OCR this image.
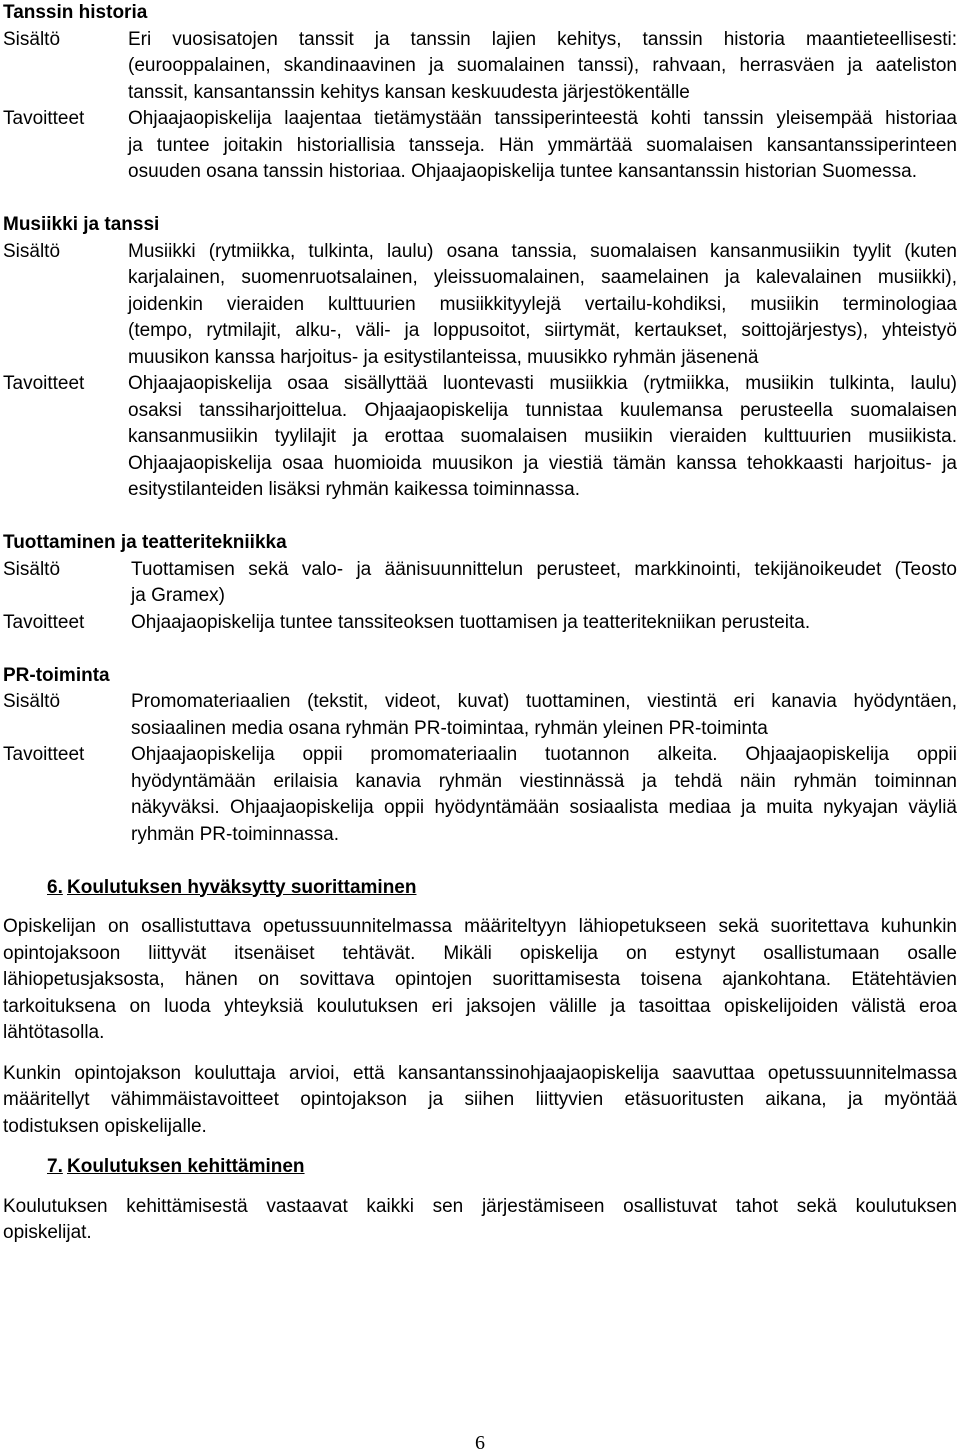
Tanssin historia
Sisältö	Eri vuosisatojen tanssit ja tanssin lajien kehitys, tanssin historia maantieteellisesti:
(eurooppalainen, skandinaavinen ja suomalainen tanssi), rahvaan, herrasväen ja aateliston
tanssit, kansantanssin kehitys kansan keskuudesta järjestökentälle
Tavoitteet	Ohjaajaopiskelija laajentaa tietämystään tanssiperinteestä kohti tanssin yleisempää historiaa
ja tuntee joitakin historiallisia tansseja. Hän ymmärtää suomalaisen kansantanssiperinteen
osuuden osana tanssin historiaa. Ohjaajaopiskelija tuntee kansantanssin historian Suomessa.
Musiikki ja tanssi
Sisältö	Musiikki (rytmiikka, tulkinta, laulu) osana tanssia, suomalaisen kansanmusiikin tyylit (kuten
karjalainen, suomenruotsalainen, yleissuomalainen, saamelainen ja kalevalainen musiikki),
joidenkin vieraiden kulttuurien musiikkityylejä vertailu-kohdiksi, musiikin terminologiaa
(tempo, rytmilajit, alku-, väli- ja loppusoitot, siirtymät, kertaukset, soittojärjestys), yhteistyö
muusikon kanssa harjoitus- ja esitystilanteissa, muusikko ryhmän jäsenenä
Tavoitteet	Ohjaajaopiskelija osaa sisällyttää luontevasti musiikkia (rytmiikka, musiikin tulkinta, laulu)
osaksi tanssiharjoittelua. Ohjaajaopiskelija tunnistaa kuulemansa perusteella suomalaisen
kansanmusiikin tyylilajit ja erottaa suomalaisen musiikin vieraiden kulttuurien musiikista.
Ohjaajaopiskelija osaa huomioida muusikon ja viestiä tämän kanssa tehokkaasti harjoitus- ja
esitystilanteiden lisäksi ryhmän kaikessa toiminnassa.
Tuottaminen ja teatteritekniikka
Sisältö	Tuottamisen sekä valo- ja äänisuunnittelun perusteet, markkinointi, tekijänoikeudet (Teosto
ja Gramex)
Tavoitteet	Ohjaajaopiskelija tuntee tanssiteoksen tuottamisen ja teatteritekniikan perusteita.
PR-toiminta
Sisältö	Promomateriaalien (tekstit, videot, kuvat) tuottaminen, viestintä eri kanavia hyödyntäen,
sosiaalinen media osana ryhmän PR-toimintaa, ryhmän yleinen PR-toiminta
Tavoitteet	Ohjaajaopiskelija oppii promomateriaalin tuotannon alkeita. Ohjaajaopiskelija oppii
hyödyntämään erilaisia kanavia ryhmän viestinnässä ja tehdä näin ryhmän toiminnan
näkyväksi. Ohjaajaopiskelija oppii hyödyntämään sosiaalista mediaa ja muita nykyajan väyliä
ryhmän PR-toiminnassa.
6. Koulutuksen hyväksytty suorittaminen
Opiskelijan on osallistuttava opetussuunnitelmassa määriteltyyn lähiopetukseen sekä suoritettava kuhunkin
opintojaksoon liittyvät itsenäiset tehtävät. Mikäli opiskelija on estynyt osallistumaan osalle
lähiopetusjaksosta, hänen on sovittava opintojen suorittamisesta toisena ajankohtana. Etätehtävien
tarkoituksena on luoda yhteyksiä koulutuksen eri jaksojen välille ja tasoittaa opiskelijoiden välistä eroa
lähtötasolla.
Kunkin opintojakson kouluttaja arvioi, että kansantanssinohjaajaopiskelija saavuttaa opetussuunnitelmassa
määritellyt vähimmäistavoitteet opintojakson ja siihen liittyvien etäsuoritusten aikana, ja myöntää
todistuksen opiskelijalle.
7. Koulutuksen kehittäminen
Koulutuksen kehittämisestä vastaavat kaikki sen järjestämiseen osallistuvat tahot sekä koulutuksen
opiskelijat.
6
